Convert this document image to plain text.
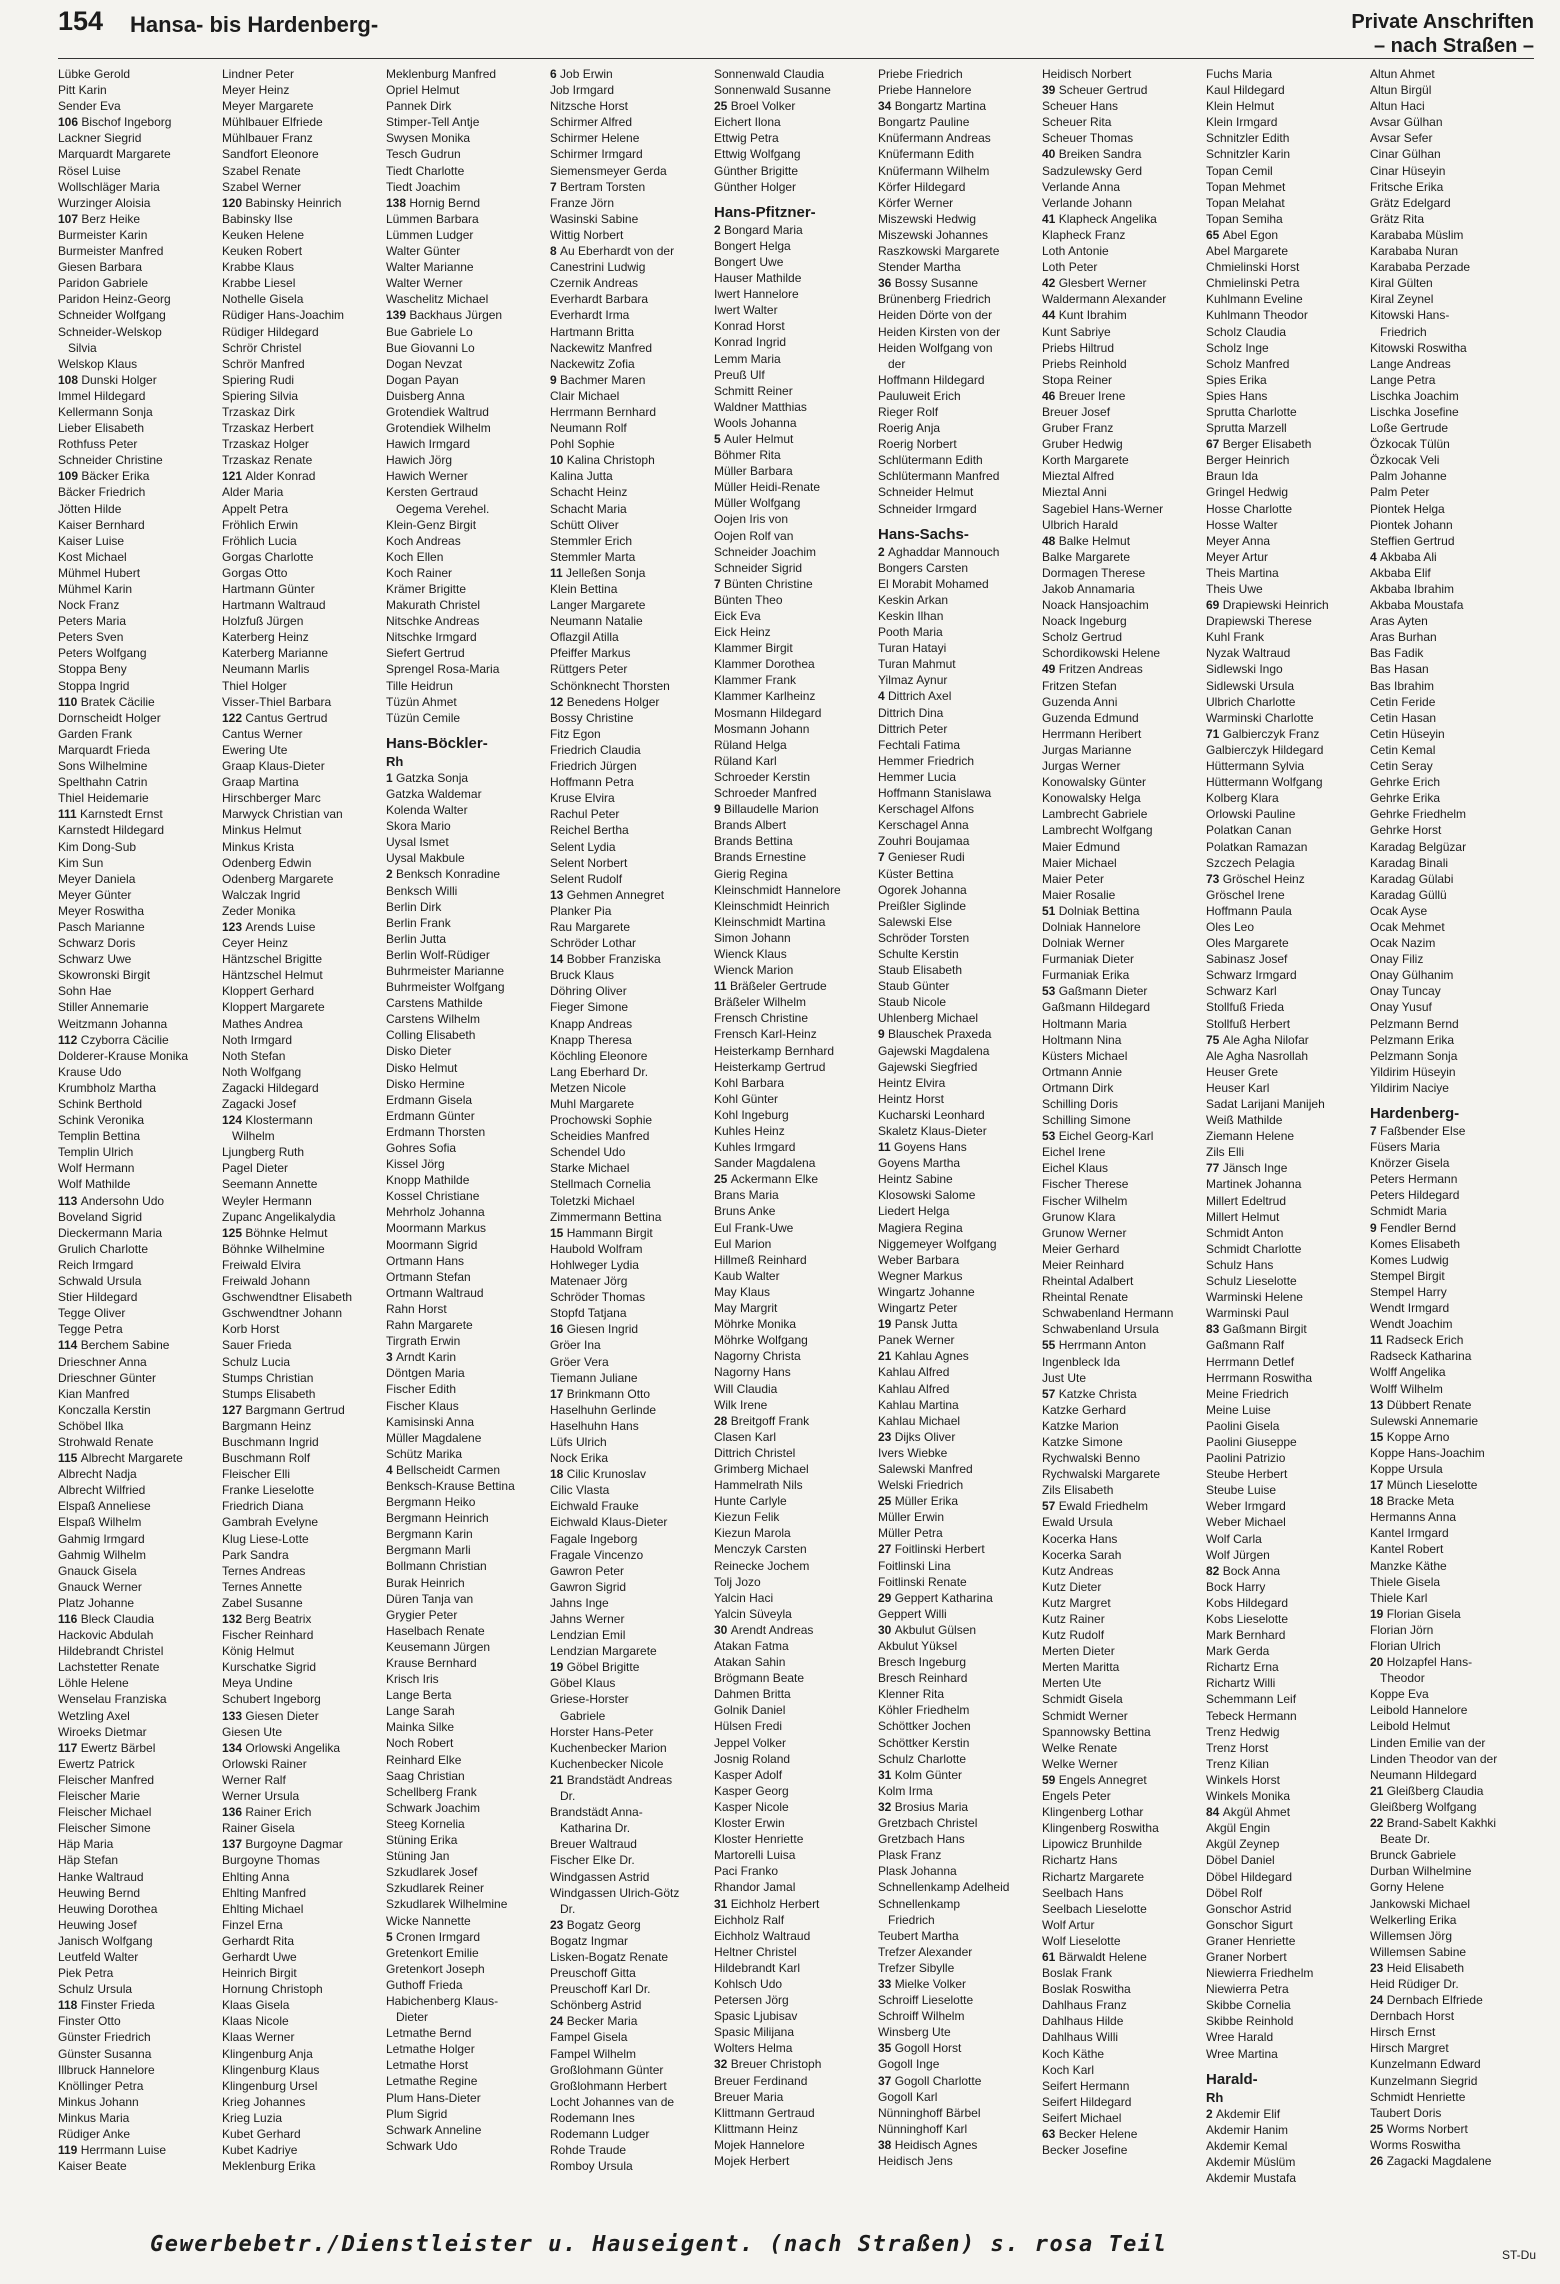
154 Hansa- bis Hardenberg-	Private Anschriften
– nach Straßen –
Lübke Gerold
Pitt Karin
Sender Eva
106 Bischof Ingeborg
Lackner Siegrid
Marquardt Margarete
Rösel Luise
Wollschläger Maria
Wurzinger Aloisia
107 Berz Heike
Burmeister Karin
Burmeister Manfred
Giesen Barbara
Paridon Gabriele
Paridon Heinz-Georg
Schneider Wolfgang
Schneider-Welskop
Silvia
Welskop Klaus
108 Dunski Holger
Immel Hildegard
Kellermann Sonja
Lieber Elisabeth
Rothfuss Peter
Schneider Christine
109 Bäcker Erika
Bäcker Friedrich
Jötten Hilde
Kaiser Bernhard
Kaiser Luise
Kost Michael
Mühmel Hubert
Mühmel Karin
Nock Franz
Peters Maria
Peters Sven
Peters Wolfgang
Stoppa Beny
Stoppa Ingrid
110 Bratek Cäcilie
Dornscheidt Holger
Garden Frank
Marquardt Frieda
Sons Wilhelmine
Spelthahn Catrin
Thiel Heidemarie
111 Karnstedt Ernst
Karnstedt Hildegard
Kim Dong-Sub
Kim Sun
Meyer Daniela
Meyer Günter
Meyer Roswitha
Pasch Marianne
Schwarz Doris
Schwarz Uwe
Skowronski Birgit
Sohn Hae
Stiller Annemarie
Weitzmann Johanna
112 Czyborra Cäcilie
Dolderer-Krause Monika
Krause Udo
Krumbholz Martha
Schink Berthold
Schink Veronika
Templin Bettina
Templin Ulrich
Wolf Hermann
Wolf Mathilde
113 Andersohn Udo
Boveland Sigrid
Dieckermann Maria
Grulich Charlotte
Reich Irmgard
Schwald Ursula
Stier Hildegard
Tegge Oliver
Tegge Petra
114 Berchem Sabine
Drieschner Anna
Drieschner Günter
Kian Manfred
Konczalla Kerstin
Schöbel Ilka
Strohwald Renate
115 Albrecht Margarete
Albrecht Nadja
Albrecht Wilfried
Elspaß Anneliese
Elspaß Wilhelm
Gahmig Irmgard
Gahmig Wilhelm
Gnauck Gisela
Gnauck Werner
Platz Johanne
116 Bleck Claudia
Hackovic Abdulah
Hildebrandt Christel
Lachstetter Renate
Löhle Helene
Wenselau Franziska
Wetzling Axel
Wiroeks Dietmar
117 Ewertz Bärbel
Ewertz Patrick
Fleischer Manfred
Fleischer Marie
Fleischer Michael
Fleischer Simone
Häp Maria
Häp Stefan
Hanke Waltraud
Heuwing Bernd
Heuwing Dorothea
Heuwing Josef
Janisch Wolfgang
Leutfeld Walter
Piek Petra
Schulz Ursula
118 Finster Frieda
Finster Otto
Günster Friedrich
Günster Susanna
Illbruck Hannelore
Knöllinger Petra
Minkus Johann
Minkus Maria
Rüdiger Anke
119 Herrmann Luise
Kaiser Beate
Lindner Peter
Meyer Heinz
Meyer Margarete
Mühlbauer Elfriede
Mühlbauer Franz
Sandfort Eleonore
Szabel Renate
Szabel Werner
120 Babinsky Heinrich
Babinsky Ilse
Keuken Helene
Keuken Robert
Krabbe Klaus
Krabbe Liesel
Nothelle Gisela
Rüdiger Hans-Joachim
Rüdiger Hildegard
Schrör Christel
Schrör Manfred
Spiering Rudi
Spiering Silvia
Trzaskaz Dirk
Trzaskaz Herbert
Trzaskaz Holger
Trzaskaz Renate
121 Alder Konrad
Alder Maria
Appelt Petra
Fröhlich Erwin
Fröhlich Lucia
Gorgas Charlotte
Gorgas Otto
Hartmann Günter
Hartmann Waltraud
Holzfuß Jürgen
Katerberg Heinz
Katerberg Marianne
Neumann Marlis
Thiel Holger
Visser-Thiel Barbara
122 Cantus Gertrud
Cantus Werner
Ewering Ute
Graap Klaus-Dieter
Graap Martina
Hirschberger Marc
Marwyck Christian van
Minkus Helmut
Minkus Krista
Odenberg Edwin
Odenberg Margarete
Walczak Ingrid
Zeder Monika
123 Arends Luise
Ceyer Heinz
Häntzschel Brigitte
Häntzschel Helmut
Kloppert Gerhard
Kloppert Margarete
Mathes Andrea
Noth Irmgard
Noth Stefan
Noth Wolfgang
Zagacki Hildegard
Zagacki Josef
124 Klostermann
Wilhelm
Ljungberg Ruth
Pagel Dieter
Seemann Annette
Weyler Hermann
Zupanc Angelikalydia
125 Böhnke Helmut
Böhnke Wilhelmine
Freiwald Elvira
Freiwald Johann
Gschwendtner Elisabeth
Gschwendtner Johann
Korb Horst
Sauer Frieda
Schulz Lucia
Stumps Christian
Stumps Elisabeth
127 Bargmann Gertrud
Bargmann Heinz
Buschmann Ingrid
Buschmann Rolf
Fleischer Elli
Franke Lieselotte
Friedrich Diana
Gambrah Evelyne
Klug Liese-Lotte
Park Sandra
Ternes Andreas
Ternes Annette
Zabel Susanne
132 Berg Beatrix
Fischer Reinhard
König Helmut
Kurschatke Sigrid
Meya Undine
Schubert Ingeborg
133 Giesen Dieter
Giesen Ute
134 Orlowski Angelika
Orlowski Rainer
Werner Ralf
Werner Ursula
136 Rainer Erich
Rainer Gisela
137 Burgoyne Dagmar
Burgoyne Thomas
Ehlting Anna
Ehlting Manfred
Ehlting Michael
Finzel Erna
Gerhardt Rita
Gerhardt Uwe
Heinrich Birgit
Hornung Christoph
Klaas Gisela
Klaas Nicole
Klaas Werner
Klingenburg Anja
Klingenburg Klaus
Klingenburg Ursel
Krieg Johannes
Krieg Luzia
Kubet Gerhard
Kubet Kadriye
Meklenburg Erika
Meklenburg Manfred
Opriel Helmut
Pannek Dirk
Stimper-Tell Antje
Swysen Monika
Tesch Gudrun
Tiedt Charlotte
Tiedt Joachim
138 Hornig Bernd
Lümmen Barbara
Lümmen Ludger
Walter Günter
Walter Marianne
Walter Werner
Waschelitz Michael
139 Backhaus Jürgen
Bue Gabriele Lo
Bue Giovanni Lo
Dogan Nevzat
Dogan Payan
Duisberg Anna
Grotendiek Waltrud
Grotendiek Wilhelm
Hawich Irmgard
Hawich Jörg
Hawich Werner
Kersten Gertraud
Oegema Verehel.
Klein-Genz Birgit
Koch Andreas
Koch Ellen
Koch Rainer
Krämer Brigitte
Makurath Christel
Nitschke Andreas
Nitschke Irmgard
Siefert Gertrud
Sprengel Rosa-Maria
Tille Heidrun
Tüzün Ahmet
Tüzün Cemile
Hans-Böckler-
Rh
1 Gatzka Sonja
Gatzka Waldemar
Kolenda Walter
Skora Mario
Uysal Ismet
Uysal Makbule
2 Benksch Konradine
Benksch Willi
Berlin Dirk
Berlin Frank
Berlin Jutta
Berlin Wolf-Rüdiger
Buhrmeister Marianne
Buhrmeister Wolfgang
Carstens Mathilde
Carstens Wilhelm
Colling Elisabeth
Disko Dieter
Disko Helmut
Disko Hermine
Erdmann Gisela
Erdmann Günter
Erdmann Thorsten
Gohres Sofia
Kissel Jörg
Knopp Mathilde
Kossel Christiane
Mehrholz Johanna
Moormann Markus
Moormann Sigrid
Ortmann Hans
Ortmann Stefan
Ortmann Waltraud
Rahn Horst
Rahn Margarete
Tirgrath Erwin
3 Arndt Karin
Döntgen Maria
Fischer Edith
Fischer Klaus
Kamisinski Anna
Müller Magdalene
Schütz Marika
4 Bellscheidt Carmen
Benksch-Krause Bettina
Bergmann Heiko
Bergmann Heinrich
Bergmann Karin
Bergmann Marli
Bollmann Christian
Burak Heinrich
Düren Tanja van
Grygier Peter
Haselbach Renate
Keusemann Jürgen
Krause Bernhard
Krisch Iris
Lange Berta
Lange Sarah
Mainka Silke
Noch Robert
Reinhard Elke
Saag Christian
Schellberg Frank
Schwark Joachim
Steeg Kornelia
Stüning Erika
Stüning Jan
Szkudlarek Josef
Szkudlarek Reiner
Szkudlarek Wilhelmine
Wicke Nannette
5 Cronen Irmgard
Gretenkort Emilie
Gretenkort Joseph
Guthoff Frieda
Habichenberg Klaus-
Dieter
Letmathe Bernd
Letmathe Holger
Letmathe Horst
Letmathe Regine
Plum Hans-Dieter
Plum Sigrid
Schwark Anneline
Schwark Udo
6 Job Erwin
Job Irmgard
Nitzsche Horst
Schirmer Alfred
Schirmer Helene
Schirmer Irmgard
Siemensmeyer Gerda
7 Bertram Torsten
Franze Jörn
Wasinski Sabine
Wittig Norbert
8 Au Eberhardt von der
Canestrini Ludwig
Czernik Andreas
Everhardt Barbara
Everhardt Irma
Hartmann Britta
Nackewitz Manfred
Nackewitz Zofia
9 Bachmer Maren
Clair Michael
Herrmann Bernhard
Neumann Rolf
Pohl Sophie
10 Kalina Christoph
Kalina Jutta
Schacht Heinz
Schacht Maria
Schütt Oliver
Stemmler Erich
Stemmler Marta
11 Jelleßen Sonja
Klein Bettina
Langer Margarete
Neumann Natalie
Oflazgil Atilla
Pfeiffer Markus
Rüttgers Peter
Schönknecht Thorsten
12 Benedens Holger
Bossy Christine
Fitz Egon
Friedrich Claudia
Friedrich Jürgen
Hoffmann Petra
Kruse Elvira
Rachul Peter
Reichel Bertha
Selent Lydia
Selent Norbert
Selent Rudolf
13 Gehmen Annegret
Planker Pia
Rau Margarete
Schröder Lothar
14 Bobber Franziska
Bruck Klaus
Döhring Oliver
Fieger Simone
Knapp Andreas
Knapp Theresa
Köchling Eleonore
Lang Eberhard Dr.
Metzen Nicole
Muhl Margarete
Prochowski Sophie
Scheidies Manfred
Schendel Udo
Starke Michael
Stellmach Cornelia
Toletzki Michael
Zimmermann Bettina
15 Hammann Birgit
Haubold Wolfram
Hohlweger Lydia
Matenaer Jörg
Schröder Thomas
Stopfd Tatjana
16 Giesen Ingrid
Gröer Ina
Gröer Vera
Tiemann Juliane
17 Brinkmann Otto
Haselhuhn Gerlinde
Haselhuhn Hans
Lüfs Ulrich
Nock Erika
18 Cilic Krunoslav
Cilic Vlasta
Eichwald Frauke
Eichwald Klaus-Dieter
Fagale Ingeborg
Fragale Vincenzo
Gawron Peter
Gawron Sigrid
Jahns Inge
Jahns Werner
Lendzian Emil
Lendzian Margarete
19 Göbel Brigitte
Göbel Klaus
Griese-Horster
Gabriele
Horster Hans-Peter
Kuchenbecker Marion
Kuchenbecker Nicole
21 Brandstädt Andreas
Dr.
Brandstädt Anna-
Katharina Dr.
Breuer Waltraud
Fischer Elke Dr.
Windgassen Astrid
Windgassen Ulrich-Götz
Dr.
23 Bogatz Georg
Bogatz Ingmar
Lisken-Bogatz Renate
Preuschoff Gitta
Preuschoff Karl Dr.
Schönberg Astrid
24 Becker Maria
Fampel Gisela
Fampel Wilhelm
Großlohmann Günter
Großlohmann Herbert
Locht Johannes van de
Rodemann Ines
Rodemann Ludger
Rohde Traude
Romboy Ursula
Sonnenwald Claudia
Sonnenwald Susanne
25 Broel Volker
Eichert Ilona
Ettwig Petra
Ettwig Wolfgang
Günther Brigitte
Günther Holger
Hans-Pfitzner-
2 Bongard Maria
Bongert Helga
Bongert Uwe
Hauser Mathilde
Iwert Hannelore
Iwert Walter
Konrad Horst
Konrad Ingrid
Lemm Maria
Preuß Ulf
Schmitt Reiner
Waldner Matthias
Wools Johanna
5 Auler Helmut
Böhmer Rita
Müller Barbara
Müller Heidi-Renate
Müller Wolfgang
Oojen Iris von
Oojen Rolf van
Schneider Joachim
Schneider Sigrid
7 Bünten Christine
Bünten Theo
Eick Eva
Eick Heinz
Klammer Birgit
Klammer Dorothea
Klammer Frank
Klammer Karlheinz
Mosmann Hildegard
Mosmann Johann
Rüland Helga
Rüland Karl
Schroeder Kerstin
Schroeder Manfred
9 Billaudelle Marion
Brands Albert
Brands Bettina
Brands Ernestine
Gierig Regina
Kleinschmidt Hannelore
Kleinschmidt Heinrich
Kleinschmidt Martina
Simon Johann
Wienck Klaus
Wienck Marion
11 Bräßeler Gertrude
Bräßeler Wilhelm
Frensch Christine
Frensch Karl-Heinz
Heisterkamp Bernhard
Heisterkamp Gertrud
Kohl Barbara
Kohl Günter
Kohl Ingeburg
Kuhles Heinz
Kuhles Irmgard
Sander Magdalena
25 Ackermann Elke
Brans Maria
Bruns Anke
Eul Frank-Uwe
Eul Marion
Hillmeß Reinhard
Kaub Walter
May Klaus
May Margrit
Möhrke Monika
Möhrke Wolfgang
Nagorny Christa
Nagorny Hans
Will Claudia
Wilk Irene
28 Breitgoff Frank
Clasen Karl
Dittrich Christel
Grimberg Michael
Hammelrath Nils
Hunte Carlyle
Kiezun Felik
Kiezun Marola
Menczyk Carsten
Reinecke Jochem
Tolj Jozo
Yalcin Haci
Yalcin Süveyla
30 Arendt Andreas
Atakan Fatma
Atakan Sahin
Brögmann Beate
Dahmen Britta
Golnik Daniel
Hülsen Fredi
Jeppel Volker
Josnig Roland
Kasper Adolf
Kasper Georg
Kasper Nicole
Kloster Erwin
Kloster Henriette
Martorelli Luisa
Paci Franko
Rhandor Jamal
31 Eichholz Herbert
Eichholz Ralf
Eichholz Waltraud
Heltner Christel
Hildebrandt Karl
Kohlsch Udo
Petersen Jörg
Spasic Ljubisav
Spasic Milijana
Wolters Helma
32 Breuer Christoph
Breuer Ferdinand
Breuer Maria
Klittmann Gertraud
Klittmann Heinz
Mojek Hannelore
Mojek Herbert
Priebe Friedrich
Priebe Hannelore
34 Bongartz Martina
Bongartz Pauline
Knüfermann Andreas
Knüfermann Edith
Knüfermann Wilhelm
Körfer Hildegard
Körfer Werner
Miszewski Hedwig
Miszewski Johannes
Raszkowski Margarete
Stender Martha
36 Bossy Susanne
Brünenberg Friedrich
Heiden Dörte von der
Heiden Kirsten von der
Heiden Wolfgang von
der
Hoffmann Hildegard
Pauluweit Erich
Rieger Rolf
Roerig Anja
Roerig Norbert
Schlütermann Edith
Schlütermann Manfred
Schneider Helmut
Schneider Irmgard
Hans-Sachs-
2 Aghaddar Mannouch
Bongers Carsten
El Morabit Mohamed
Keskin Arkan
Keskin Ilhan
Pooth Maria
Turan Hatayi
Turan Mahmut
Yilmaz Aynur
4 Dittrich Axel
Dittrich Dina
Dittrich Peter
Fechtali Fatima
Hemmer Friedrich
Hemmer Lucia
Hoffmann Stanislawa
Kerschagel Alfons
Kerschagel Anna
Zouhri Boujamaa
7 Genieser Rudi
Küster Bettina
Ogorek Johanna
Preißler Siglinde
Salewski Else
Schröder Torsten
Schulte Kerstin
Staub Elisabeth
Staub Günter
Staub Nicole
Uhlenberg Michael
9 Blauschek Praxeda
Gajewski Magdalena
Gajewski Siegfried
Heintz Elvira
Heintz Horst
Kucharski Leonhard
Skaletz Klaus-Dieter
11 Goyens Hans
Goyens Martha
Heintz Sabine
Klosowski Salome
Liedert Helga
Magiera Regina
Niggemeyer Wolfgang
Weber Barbara
Wegner Markus
Wingartz Johanne
Wingartz Peter
19 Pansk Jutta
Panek Werner
21 Kahlau Agnes
Kahlau Alfred
Kahlau Alfred
Kahlau Martina
Kahlau Michael
23 Dijks Oliver
Ivers Wiebke
Salewski Manfred
Welski Friedrich
25 Müller Erika
Müller Erwin
Müller Petra
27 Foitlinski Herbert
Foitlinski Lina
Foitlinski Renate
29 Geppert Katharina
Geppert Willi
30 Akbulut Gülsen
Akbulut Yüksel
Bresch Ingeburg
Bresch Reinhard
Klenner Rita
Köhler Friedhelm
Schöttker Jochen
Schöttker Kerstin
Schulz Charlotte
31 Kolm Günter
Kolm Irma
32 Brosius Maria
Gretzbach Christel
Gretzbach Hans
Plask Franz
Plask Johanna
Schnellenkamp Adelheid
Schnellenkamp
Friedrich
Teubert Martha
Trefzer Alexander
Trefzer Sibylle
33 Mielke Volker
Schroiff Lieselotte
Schroiff Wilhelm
Winsberg Ute
35 Gogoll Horst
Gogoll Inge
37 Gogoll Charlotte
Gogoll Karl
Nünninghoff Bärbel
Nünninghoff Karl
38 Heidisch Agnes
Heidisch Jens
Heidisch Norbert
39 Scheuer Gertrud
Scheuer Hans
Scheuer Rita
Scheuer Thomas
40 Breiken Sandra
Sadzulewsky Gerd
Verlande Anna
Verlande Johann
41 Klapheck Angelika
Klapheck Franz
Loth Antonie
Loth Peter
42 Glesbert Werner
Waldermann Alexander
44 Kunt Ibrahim
Kunt Sabriye
Priebs Hiltrud
Priebs Reinhold
Stopa Reiner
46 Breuer Irene
Breuer Josef
Gruber Franz
Gruber Hedwig
Korth Margarete
Mieztal Alfred
Mieztal Anni
Sagebiel Hans-Werner
Ulbrich Harald
48 Balke Helmut
Balke Margarete
Dormagen Therese
Jakob Annamaria
Noack Hansjoachim
Noack Ingeburg
Scholz Gertrud
Schordikowski Helene
49 Fritzen Andreas
Fritzen Stefan
Guzenda Anni
Guzenda Edmund
Herrmann Heribert
Jurgas Marianne
Jurgas Werner
Konowalsky Günter
Konowalsky Helga
Lambrecht Gabriele
Lambrecht Wolfgang
Maier Edmund
Maier Michael
Maier Peter
Maier Rosalie
51 Dolniak Bettina
Dolniak Hannelore
Dolniak Werner
Furmaniak Dieter
Furmaniak Erika
53 Gaßmann Dieter
Gaßmann Hildegard
Holtmann Maria
Holtmann Nina
Küsters Michael
Ortmann Annie
Ortmann Dirk
Schilling Doris
Schilling Simone
53 Eichel Georg-Karl
Eichel Irene
Eichel Klaus
Fischer Therese
Fischer Wilhelm
Grunow Klara
Grunow Werner
Meier Gerhard
Meier Reinhard
Rheintal Adalbert
Rheintal Renate
Schwabenland Hermann
Schwabenland Ursula
55 Herrmann Anton
Ingenbleck Ida
Just Ute
57 Katzke Christa
Katzke Gerhard
Katzke Marion
Katzke Simone
Rychwalski Benno
Rychwalski Margarete
Zils Elisabeth
57 Ewald Friedhelm
Ewald Ursula
Kocerka Hans
Kocerka Sarah
Kutz Andreas
Kutz Dieter
Kutz Margret
Kutz Rainer
Kutz Rudolf
Merten Dieter
Merten Maritta
Merten Ute
Schmidt Gisela
Schmidt Werner
Spannowsky Bettina
Welke Renate
Welke Werner
59 Engels Annegret
Engels Peter
Klingenberg Lothar
Klingenberg Roswitha
Lipowicz Brunhilde
Richartz Hans
Richartz Margarete
Seelbach Hans
Seelbach Lieselotte
Wolf Artur
Wolf Lieselotte
61 Bärwaldt Helene
Boslak Frank
Boslak Roswitha
Dahlhaus Franz
Dahlhaus Hilde
Dahlhaus Willi
Koch Käthe
Koch Karl
Seifert Hermann
Seifert Hildegard
Seifert Michael
63 Becker Helene
Becker Josefine
Fuchs Maria
Kaul Hildegard
Klein Helmut
Klein Irmgard
Schnitzler Edith
Schnitzler Karin
Topan Cemil
Topan Mehmet
Topan Melahat
Topan Semiha
65 Abel Egon
Abel Margarete
Chmielinski Horst
Chmielinski Petra
Kuhlmann Eveline
Kuhlmann Theodor
Scholz Claudia
Scholz Inge
Scholz Manfred
Spies Erika
Spies Hans
Sprutta Charlotte
Sprutta Marzell
67 Berger Elisabeth
Berger Heinrich
Braun Ida
Gringel Hedwig
Hosse Charlotte
Hosse Walter
Meyer Anna
Meyer Artur
Theis Martina
Theis Uwe
69 Drapiewski Heinrich
Drapiewski Therese
Kuhl Frank
Nyzak Waltraud
Sidlewski Ingo
Sidlewski Ursula
Ulbrich Charlotte
Warminski Charlotte
71 Galbierczyk Franz
Galbierczyk Hildegard
Hüttermann Sylvia
Hüttermann Wolfgang
Kolberg Klara
Orlowski Pauline
Polatkan Canan
Polatkan Ramazan
Szczech Pelagia
73 Gröschel Heinz
Gröschel Irene
Hoffmann Paula
Oles Leo
Oles Margarete
Sabinasz Josef
Schwarz Irmgard
Schwarz Karl
Stollfuß Frieda
Stollfuß Herbert
75 Ale Agha Nilofar
Ale Agha Nasrollah
Heuser Grete
Heuser Karl
Sadat Larijani Manijeh
Weiß Mathilde
Ziemann Helene
Zils Elli
77 Jänsch Inge
Martinek Johanna
Millert Edeltrud
Millert Helmut
Schmidt Anton
Schmidt Charlotte
Schulz Hans
Schulz Lieselotte
Warminski Helene
Warminski Paul
83 Gaßmann Birgit
Gaßmann Ralf
Herrmann Detlef
Herrmann Roswitha
Meine Friedrich
Meine Luise
Paolini Gisela
Paolini Giuseppe
Paolini Patrizio
Steube Herbert
Steube Luise
Weber Irmgard
Weber Michael
Wolf Carla
Wolf Jürgen
82 Bock Anna
Bock Harry
Kobs Hildegard
Kobs Lieselotte
Mark Bernhard
Mark Gerda
Richartz Erna
Richartz Willi
Schemmann Leif
Tebeck Hermann
Trenz Hedwig
Trenz Horst
Trenz Kilian
Winkels Horst
Winkels Monika
84 Akgül Ahmet
Akgül Engin
Akgül Zeynep
Döbel Daniel
Döbel Hildegard
Döbel Rolf
Gonschor Astrid
Gonschor Sigurt
Graner Henriette
Graner Norbert
Niewierra Friedhelm
Niewierra Petra
Skibbe Cornelia
Skibbe Reinhold
Wree Harald
Wree Martina
Harald-
Rh
2 Akdemir Elif
Akdemir Hanim
Akdemir Kemal
Akdemir Müslüm
Akdemir Mustafa
Altun Ahmet
Altun Birgül
Altun Haci
Avsar Gülhan
Avsar Sefer
Cinar Gülhan
Cinar Hüseyin
Fritsche Erika
Grätz Edelgard
Grätz Rita
Karababa Müslim
Karababa Nuran
Karababa Perzade
Kiral Gülten
Kiral Zeynel
Kitowski Hans-
Friedrich
Kitowski Roswitha
Lange Andreas
Lange Petra
Lischka Joachim
Lischka Josefine
Loße Gertrude
Özkocak Tülün
Özkocak Veli
Palm Johanne
Palm Peter
Piontek Helga
Piontek Johann
Steffien Gertrud
4 Akbaba Ali
Akbaba Elif
Akbaba Ibrahim
Akbaba Moustafa
Aras Ayten
Aras Burhan
Bas Fadik
Bas Hasan
Bas Ibrahim
Cetin Feride
Cetin Hasan
Cetin Hüseyin
Cetin Kemal
Cetin Seray
Gehrke Erich
Gehrke Erika
Gehrke Friedhelm
Gehrke Horst
Karadag Belgüzar
Karadag Binali
Karadag Gülabi
Karadag Güllü
Ocak Ayse
Ocak Mehmet
Ocak Nazim
Onay Filiz
Onay Gülhanim
Onay Tuncay
Onay Yusuf
Pelzmann Bernd
Pelzmann Erika
Pelzmann Sonja
Yildirim Hüseyin
Yildirim Naciye
Hardenberg-
7 Faßbender Else
Füsers Maria
Knörzer Gisela
Peters Hermann
Peters Hildegard
Schmidt Maria
9 Fendler Bernd
Komes Elisabeth
Komes Ludwig
Stempel Birgit
Stempel Harry
Wendt Irmgard
Wendt Joachim
11 Radseck Erich
Radseck Katharina
Wolff Angelika
Wolff Wilhelm
13 Dübbert Renate
Sulewski Annemarie
15 Koppe Arno
Koppe Hans-Joachim
Koppe Ursula
17 Münch Lieselotte
18 Bracke Meta
Hermanns Anna
Kantel Irmgard
Kantel Robert
Manzke Käthe
Thiele Gisela
Thiele Karl
19 Florian Gisela
Florian Jörn
Florian Ulrich
20 Holzapfel Hans-
Theodor
Koppe Eva
Leibold Hannelore
Leibold Helmut
Linden Emilie van der
Linden Theodor van der
Neumann Hildegard
21 Gleißberg Claudia
Gleißberg Wolfgang
22 Brand-Sabelt Kakhki
Beate Dr.
Brunck Gabriele
Durban Wilhelmine
Gorny Helene
Jankowski Michael
Welkerling Erika
Willemsen Jörg
Willemsen Sabine
23 Heid Elisabeth
Heid Rüdiger Dr.
24 Dernbach Elfriede
Dernbach Horst
Hirsch Ernst
Hirsch Margret
Kunzelmann Edward
Kunzelmann Siegrid
Schmidt Henriette
Taubert Doris
25 Worms Norbert
Worms Roswitha
26 Zagacki Magdalene
Gewerbebetr./Dienstleister u. Hauseigent. (nach Straßen) s. rosa Teil	ST-Du
